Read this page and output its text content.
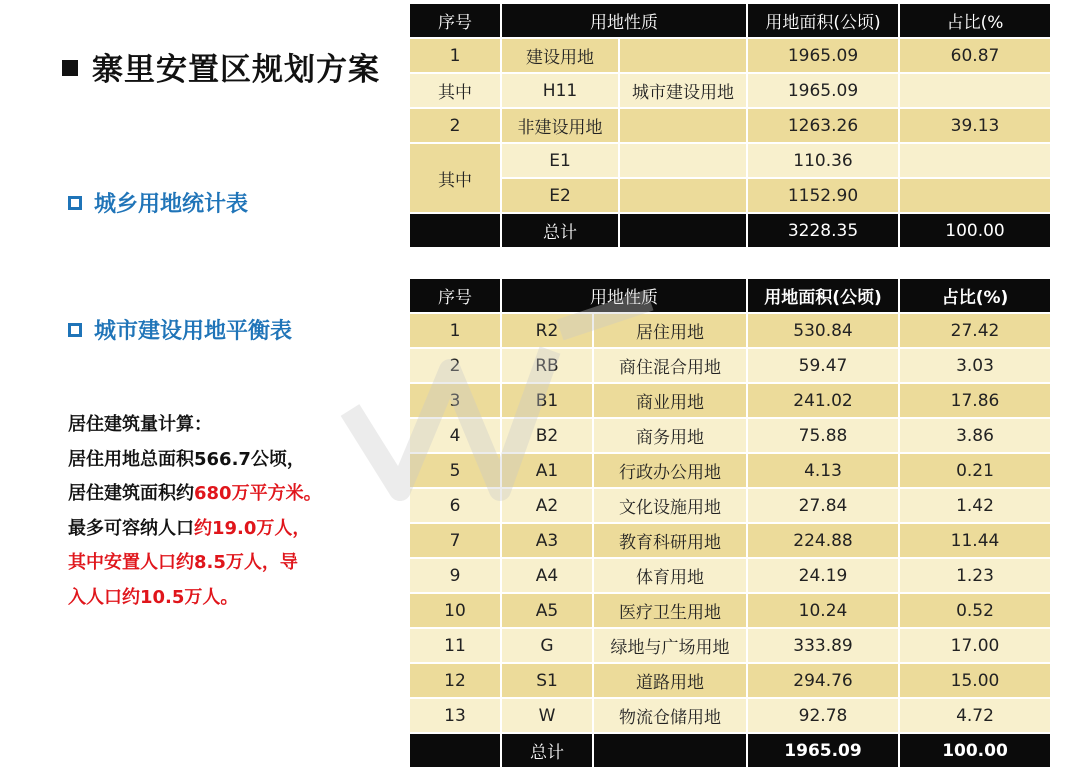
寨里安置区规划方案
城乡用地统计表
城市建设用地平衡表
居住建筑量计算：
居住用地总面积566.7公顷，
居住建筑面积约680万平方米。
最多可容纳人口约19.0万人，
其中安置人口约8.5万人，导
入人口约10.5万人。
序号	用地性质		用地面积(公顷)	占比(%
1	建设用地		1965.09	60.87
其中	H11	城市建设用地	1965.09	
2	非建设用地		1263.26	39.13
其中	E1		110.36	
	E2		1152.90	
	总计		3228.35	100.00
序号	用地性质		用地面积(公顷)	占比(%)
1	R2	居住用地	530.84	27.42
2	RB	商住混合用地	59.47	3.03
3	B1	商业用地	241.02	17.86
4	B2	商务用地	75.88	3.86
5	A1	行政办公用地	4.13	0.21
6	A2	文化设施用地	27.84	1.42
7	A3	教育科研用地	224.88	11.44
9	A4	体育用地	24.19	1.23
10	A5	医疗卫生用地	10.24	0.52
11	G	绿地与广场用地	333.89	17.00
12	S1	道路用地	294.76	15.00
13	W	物流仓储用地	92.78	4.72
	总计		1965.09	100.00
